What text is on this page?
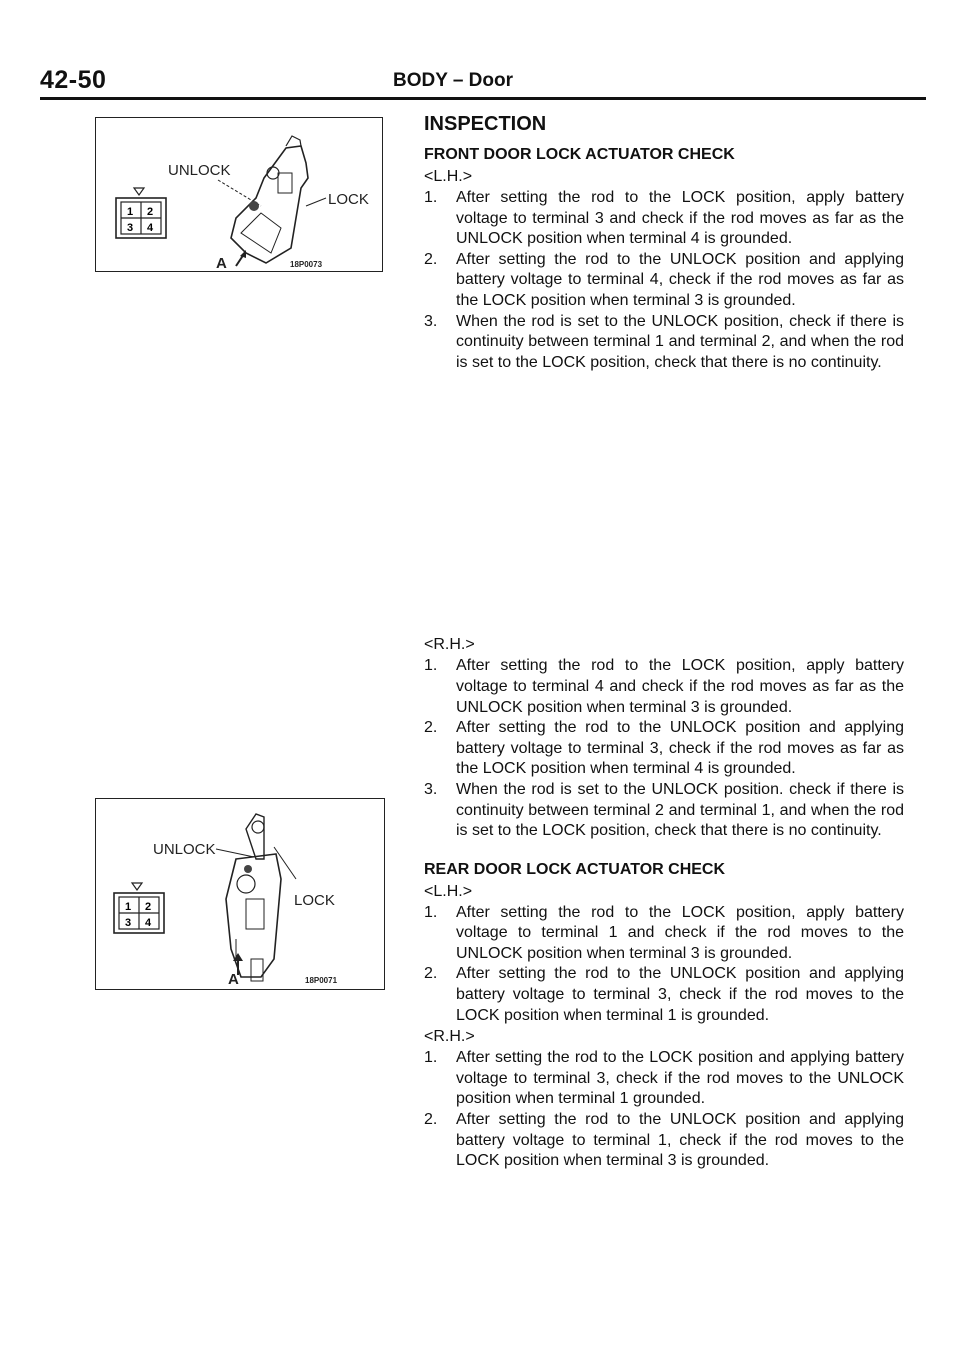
42-50	BODY – Door
UNLOCK
LOCK
A	18P0073
1 2
3 4
UNLOCK
LOCK
A	18P0071
1 2
3 4
INSPECTION
FRONT DOOR LOCK ACTUATOR CHECK
<L.H.>
1. After setting the rod to the LOCK position, apply battery voltage to terminal 3 and check if the rod moves as far as the UNLOCK position when terminal 4 is grounded.
2. After setting the rod to the UNLOCK position and applying battery voltage to terminal 4, check if the rod moves as far as the LOCK position when terminal 3 is grounded.
3. When the rod is set to the UNLOCK position, check if there is continuity between terminal 1 and terminal 2, and when the rod is set to the LOCK position, check that there is no continuity.
<R.H.>
1. After setting the rod to the LOCK position, apply battery voltage to terminal 4 and check if the rod moves as far as the UNLOCK position when terminal 3 is grounded.
2. After setting the rod to the UNLOCK position and applying battery voltage to terminal 3, check if the rod moves as far as the LOCK position when terminal 4 is grounded.
3. When the rod is set to the UNLOCK position. check if there is continuity between terminal 2 and terminal 1, and when the rod is set to the LOCK position, check that there is no continuity.
REAR DOOR LOCK ACTUATOR CHECK
<L.H.>
1. After setting the rod to the LOCK position, apply battery voltage to terminal 1 and check if the rod moves to the UNLOCK position when terminal 3 is grounded.
2. After setting the rod to the UNLOCK position and applying battery voltage to terminal 3, check if the rod moves to the LOCK position when terminal 1 is grounded.
<R.H.>
1. After setting the rod to the LOCK position and applying battery voltage to terminal 3, check if the rod moves to the UNLOCK position when terminal 1 grounded.
2. After setting the rod to the UNLOCK position and applying battery voltage to terminal 1, check if the rod moves to the LOCK position when terminal 3 is grounded.
